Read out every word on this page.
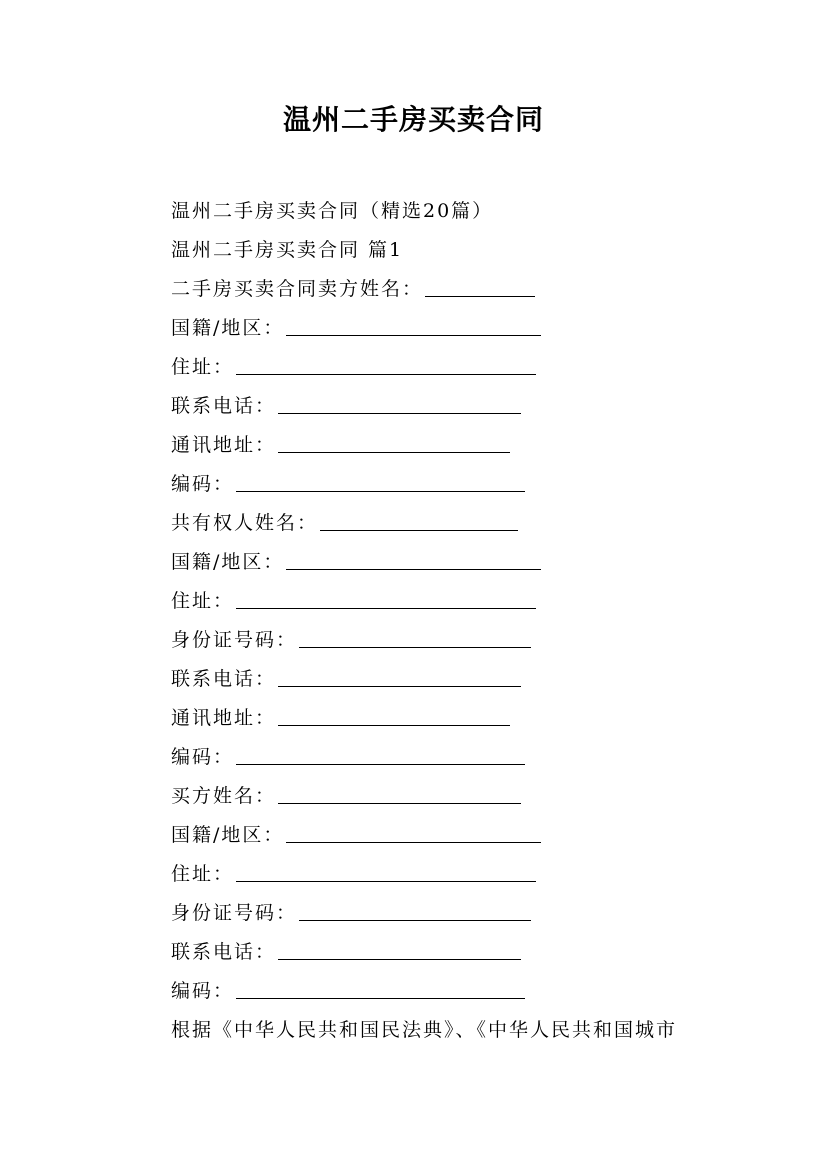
温州二手房买卖合同
温州二手房买卖合同（精选20篇）
温州二手房买卖合同 篇1
二手房买卖合同卖方姓名：
国籍/地区：
住址：
联系电话：
通讯地址：
编码：
共有权人姓名：
国籍/地区：
住址：
身份证号码：
联系电话：
通讯地址：
编码：
买方姓名：
国籍/地区：
住址：
身份证号码：
联系电话：
编码：
根据《中华人民共和国民法典》、《中华人民共和国城市
